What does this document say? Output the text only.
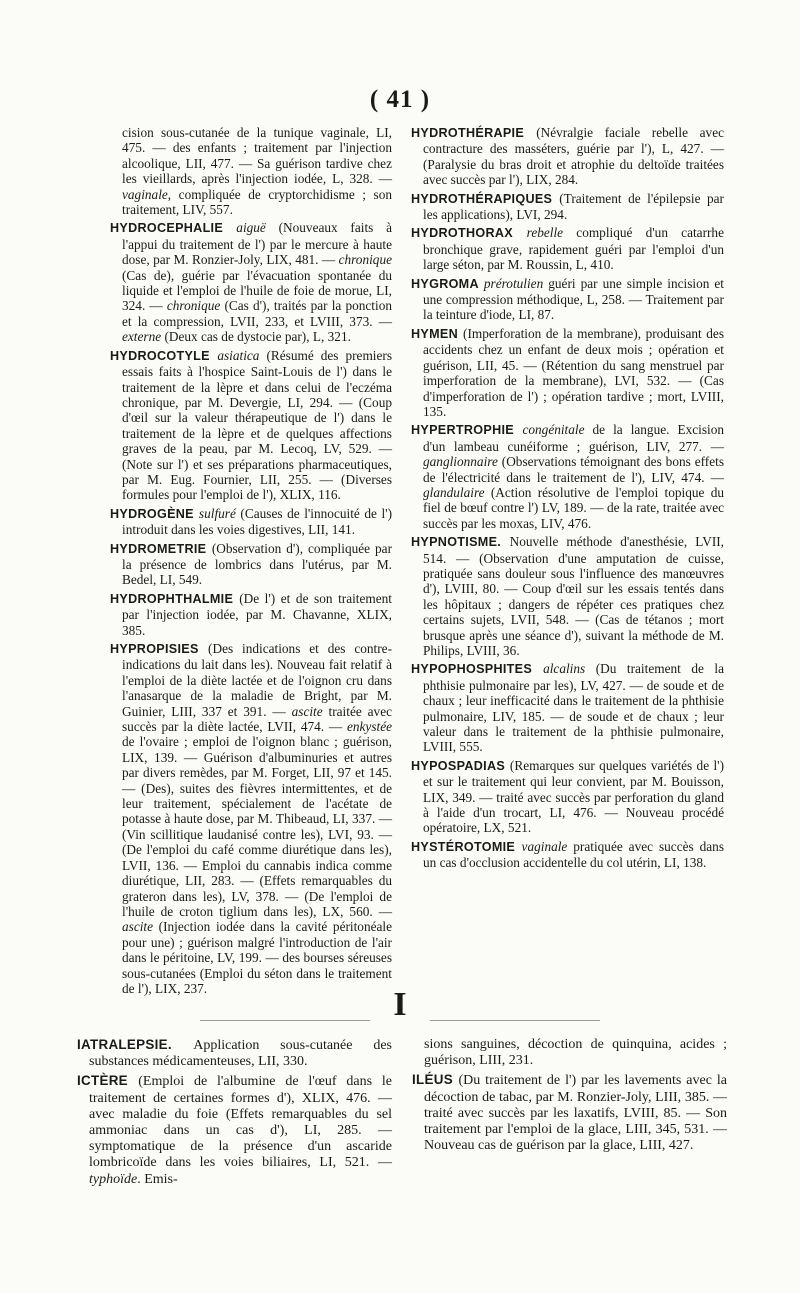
( 41 )

cision sous-cutanée de la tunique vaginale, LI, 475. — des enfants ; traitement par l'injection alcoolique, LII, 477. — Sa guérison tardive chez les vieillards, après l'injection iodée, L, 328. — vaginale, compliquée de cryptorchidisme ; son traitement, LIV, 557.

HYDROCEPHALIE aiguë (Nouveaux faits à l'appui du traitement de l') par le mercure à haute dose, par M. Ronzier-Joly, LIX, 481. — chronique (Cas de), guérie par l'évacuation spontanée du liquide et l'emploi de l'huile de foie de morue, LI, 324. — chronique (Cas d'), traités par la ponction et la compression, LVII, 233, et LVIII, 373. — externe (Deux cas de dystocie par), L, 321.

HYDROCOTYLE asiatica (Résumé des premiers essais faits à l'hospice Saint-Louis de l') dans le traitement de la lèpre et dans celui de l'eczéma chronique, par M. Devergie, LI, 294. — (Coup d'œil sur la valeur thérapeutique de l') dans le traitement de la lèpre et de quelques affections graves de la peau, par M. Lecoq, LV, 529. — (Note sur l') et ses préparations pharmaceutiques, par M. Eug. Fournier, LII, 255. — (Diverses formules pour l'emploi de l'), XLIX, 116.

HYDROGÈNE sulfuré (Causes de l'innocuité de l') introduit dans les voies digestives, LII, 141.

HYDROMETRIE (Observation d'), compliquée par la présence de lombrics dans l'utérus, par M. Bedel, LI, 549.

HYDROPHTHALMIE (De l') et de son traitement par l'injection iodée, par M. Chavanne, XLIX, 385.

HYPROPISIES (Des indications et des contre-indications du lait dans les). Nouveau fait relatif à l'emploi de la diète lactée et de l'oignon cru dans l'anasarque de la maladie de Bright, par M. Guinier, LIII, 337 et 391. — ascite traitée avec succès par la diète lactée, LVII, 474. — enkystée de l'ovaire ; emploi de l'oignon blanc ; guérison, LIX, 139. — Guérison d'albuminuries et autres par divers remèdes, par M. Forget, LII, 97 et 145. — (Des), suites des fièvres intermittentes, et de leur traitement, spécialement de l'acétate de potasse à haute dose, par M. Thibeaud, LI, 337. — (Vin scillitique laudanisé contre les), LVI, 93. — (De l'emploi du café comme diurétique dans les), LVII, 136. — Emploi du cannabis indica comme diurétique, LII, 283. — (Effets remarquables du grateron dans les), LV, 378. — (De l'emploi de l'huile de croton tiglium dans les), LX, 560. — ascite (Injection iodée dans la cavité péritonéale pour une) ; guérison malgré l'introduction de l'air dans le péritoine, LV, 199. — des bourses séreuses sous-cutanées (Emploi du séton dans le traitement de l'), LIX, 237.

HYDROTHÉRAPIE (Névralgie faciale rebelle avec contracture des masséters, guérie par l'), L, 427. — (Paralysie du bras droit et atrophie du deltoïde traitées avec succès par l'), LIX, 284.

HYDROTHÉRAPIQUES (Traitement de l'épilepsie par les applications), LVI, 294.

HYDROTHORAX rebelle compliqué d'un catarrhe bronchique grave, rapidement guéri par l'emploi d'un large séton, par M. Roussin, L, 410.

HYGROMA prérotulien guéri par une simple incision et une compression méthodique, L, 258. — Traitement par la teinture d'iode, LI, 87.

HYMEN (Imperforation de la membrane), produisant des accidents chez un enfant de deux mois ; opération et guérison, LII, 45. — (Rétention du sang menstruel par imperforation de la membrane), LVI, 532. — (Cas d'imperforation de l') ; opération tardive ; mort, LVIII, 135.

HYPERTROPHIE congénitale de la langue. Excision d'un lambeau cunéiforme ; guérison, LIV, 277. — ganglionnaire (Observations témoignant des bons effets de l'électricité dans le traitement de l'), LIV, 474. — glandulaire (Action résolutive de l'emploi topique du fiel de bœuf contre l') LV, 189. — de la rate, traitée avec succès par les moxas, LIV, 476.

HYPNOTISME. Nouvelle méthode d'anesthésie, LVII, 514. — (Observation d'une amputation de cuisse, pratiquée sans douleur sous l'influence des manœuvres d'), LVIII, 80. — Coup d'œil sur les essais tentés dans les hôpitaux ; dangers de répéter ces pratiques chez certains sujets, LVII, 548. — (Cas de tétanos ; mort brusque après une séance d'), suivant la méthode de M. Philips, LVIII, 36.

HYPOPHOSPHITES alcalins (Du traitement de la phthisie pulmonaire par les), LV, 427. — de soude et de chaux ; leur inefficacité dans le traitement de la phthisie pulmonaire, LIV, 185. — de soude et de chaux ; leur valeur dans le traitement de la phthisie pulmonaire, LVIII, 555.

HYPOSPADIAS (Remarques sur quelques variétés de l') et sur le traitement qui leur convient, par M. Bouisson, LIX, 349. — traité avec succès par perforation du gland à l'aide d'un trocart, LI, 476. — Nouveau procédé opératoire, LX, 521.

HYSTÉROTOMIE vaginale pratiquée avec succès dans un cas d'occlusion accidentelle du col utérin, LI, 138.

I

IATRALEPSIE. Application sous-cutanée des substances médicamenteuses, LII, 330.

ICTÈRE (Emploi de l'albumine de l'œuf dans le traitement de certaines formes d'), XLIX, 476. — avec maladie du foie (Effets remarquables du sel ammoniac dans un cas d'), LI, 285. — symptomatique de la présence d'un ascaride lombricoïde dans les voies biliaires, LI, 521. — typhoïde. Emis-

sions sanguines, décoction de quinquina, acides ; guérison, LIII, 231.

ILÉUS (Du traitement de l') par les lavements avec la décoction de tabac, par M. Ronzier-Joly, LIII, 385. — traité avec succès par les laxatifs, LVIII, 85. — Son traitement par l'emploi de la glace, LIII, 345, 531. — Nouveau cas de guérison par la glace, LIII, 427.
